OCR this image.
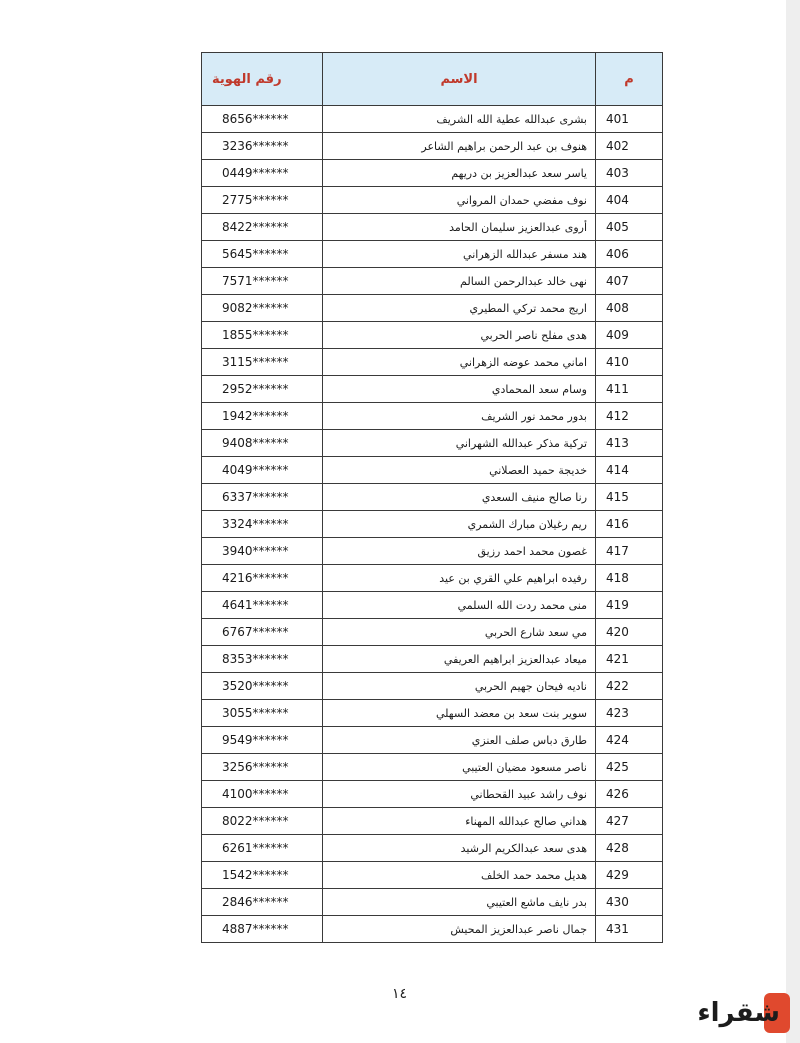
م	الاسم	رقم الهوية
401	بشرى عبدالله عطية الله الشريف	8656******
402	هنوف بن عبد الرحمن براهيم الشاعر	3236******
403	ياسر سعد عبدالعزيز بن دريهم	0449******
404	نوف مفضي حمدان المرواني	2775******
405	أروى عبدالعزيز سليمان الحامد	8422******
406	هند مسفر عبدالله الزهراني	5645******
407	نهى خالد عبدالرحمن السالم	7571******
408	اريج محمد تركي المطيري	9082******
409	هدى مفلح ناصر الحربي	1855******
410	اماني محمد عوضه الزهراني	3115******
411	وسام سعد المحمادي	2952******
412	بدور محمد نور الشريف	1942******
413	تركية مذكر عبدالله الشهراني	9408******
414	خديجة حميد العصلاني	4049******
415	رنا صالح منيف السعدي	6337******
416	ريم رغيلان مبارك الشمري	3324******
417	غصون محمد احمد رزيق	3940******
418	رفيده ابراهيم علي القري بن عيد	4216******
419	منى محمد ردت الله السلمي	4641******
420	مي سعد شارع الحربي	6767******
421	ميعاد عبدالعزيز ابراهيم العريفي	8353******
422	ناديه فيحان جهيم الحربي	3520******
423	سوير بنت سعد بن معضد السهلي	3055******
424	طارق دباس صلف العنزي	9549******
425	ناصر مسعود مضيان العتيبي	3256******
426	نوف راشد عبيد القحطاني	4100******
427	هداني صالح عبدالله المهناء	8022******
428	هدى سعد عبدالكريم الرشيد	6261******
429	هديل محمد حمد الخلف	1542******
430	بدر نايف ماشع العتيبي	2846******
431	جمال ناصر عبدالعزيز المحيش	4887******
١٤
شقراء
